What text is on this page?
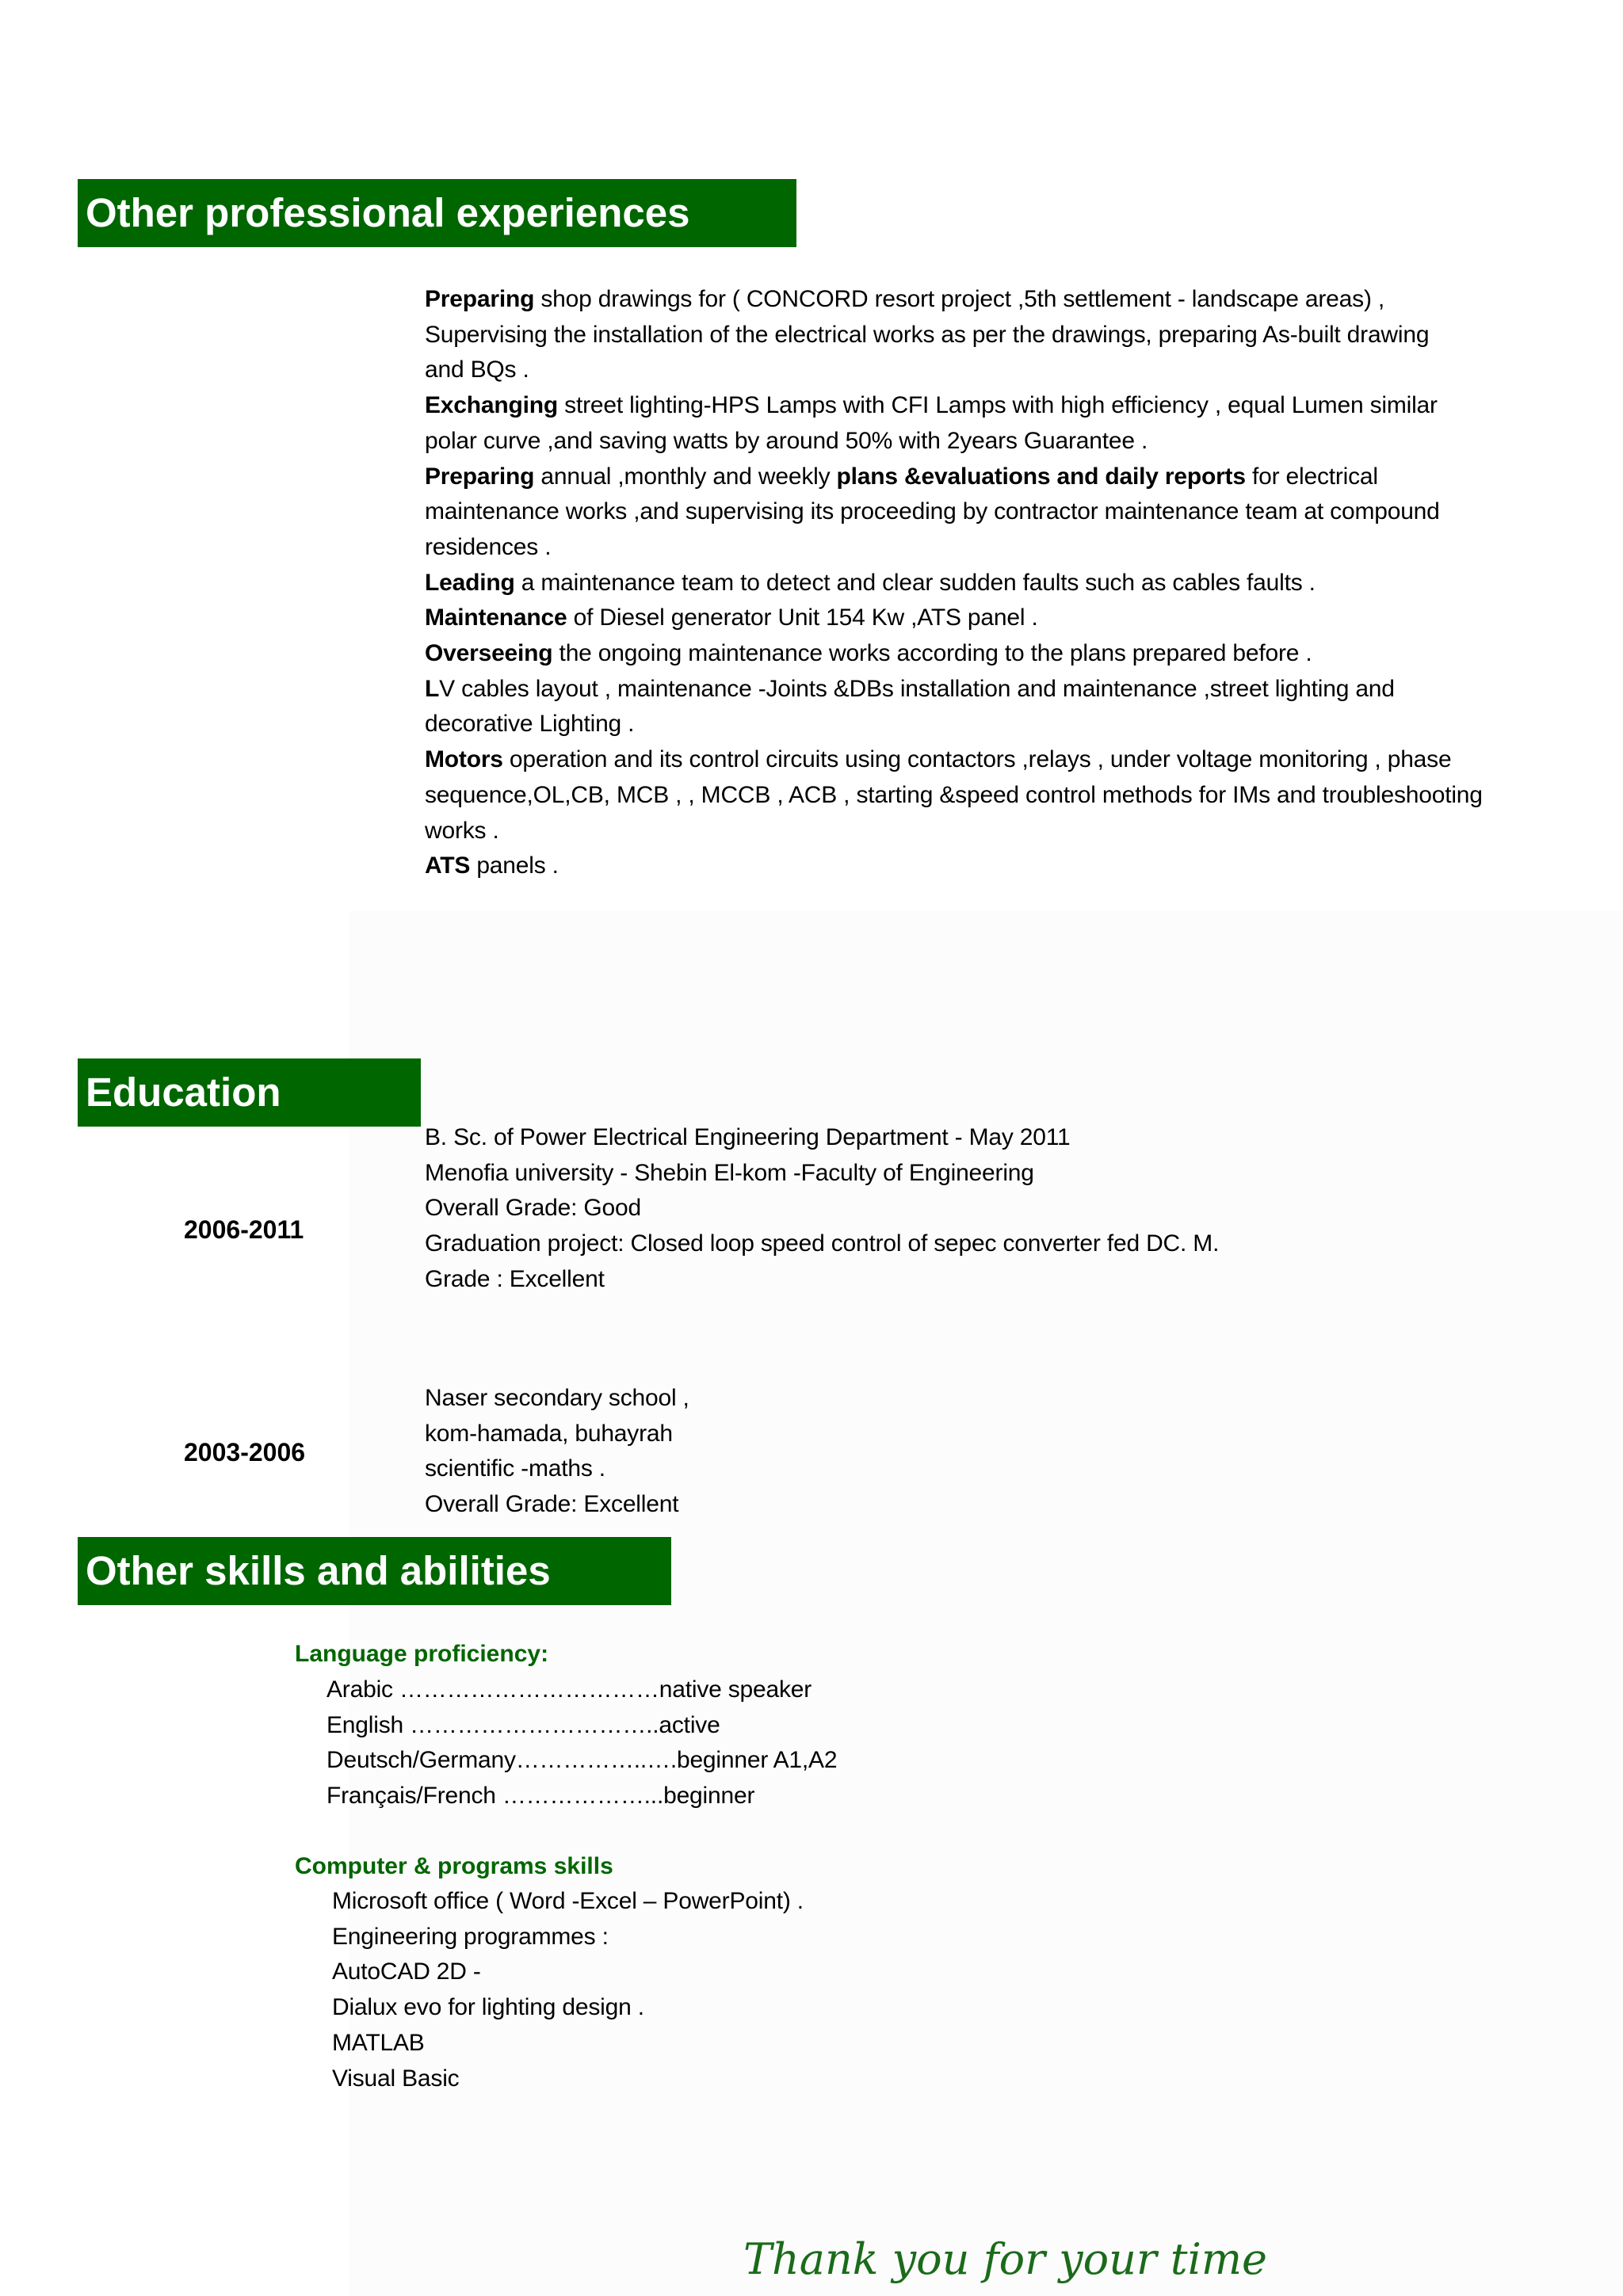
Other professional experiences
Preparing shop drawings for ( CONCORD resort project ,5th settlement - landscape areas) ,
Supervising the installation of the electrical works as per the drawings, preparing As-built drawing
and BQs .
Exchanging street lighting-HPS Lamps with CFI Lamps with high efficiency , equal Lumen similar
polar curve ,and saving watts by around 50% with 2years Guarantee .
Preparing annual ,monthly and weekly plans &evaluations and daily reports for electrical
maintenance works ,and supervising its proceeding by contractor maintenance team at compound
residences .
Leading a maintenance team to detect and clear sudden faults such as cables faults .
Maintenance of Diesel generator Unit 154 Kw ,ATS panel .
Overseeing the ongoing maintenance works according to the plans prepared before .
LV cables layout , maintenance -Joints &DBs installation and maintenance ,street lighting and
decorative Lighting .
Motors operation and its control circuits using contactors ,relays , under voltage monitoring , phase
sequence,OL,CB, MCB , , MCCB , ACB , starting &speed control methods for IMs and troubleshooting
works .
ATS panels .
Education
2006-2011
B. Sc. of Power Electrical Engineering Department - May 2011
Menofia university - Shebin El-kom -Faculty of Engineering
Overall Grade: Good
Graduation project: Closed loop speed control of sepec converter fed DC. M.
Grade : Excellent
2003-2006
Naser secondary school ,
kom-hamada, buhayrah
scientific -maths .
Overall Grade: Excellent
Other skills and abilities
Language proficiency:
Arabic ……………………………native speaker
English …………………………..active
Deutsch/Germany……………..….beginner A1,A2
Français/French ………………...beginner
Computer & programs skills
Microsoft office ( Word -Excel – PowerPoint) .
Engineering programmes :
AutoCAD 2D -
Dialux evo for lighting design .
MATLAB
Visual Basic
Thank you for your time
